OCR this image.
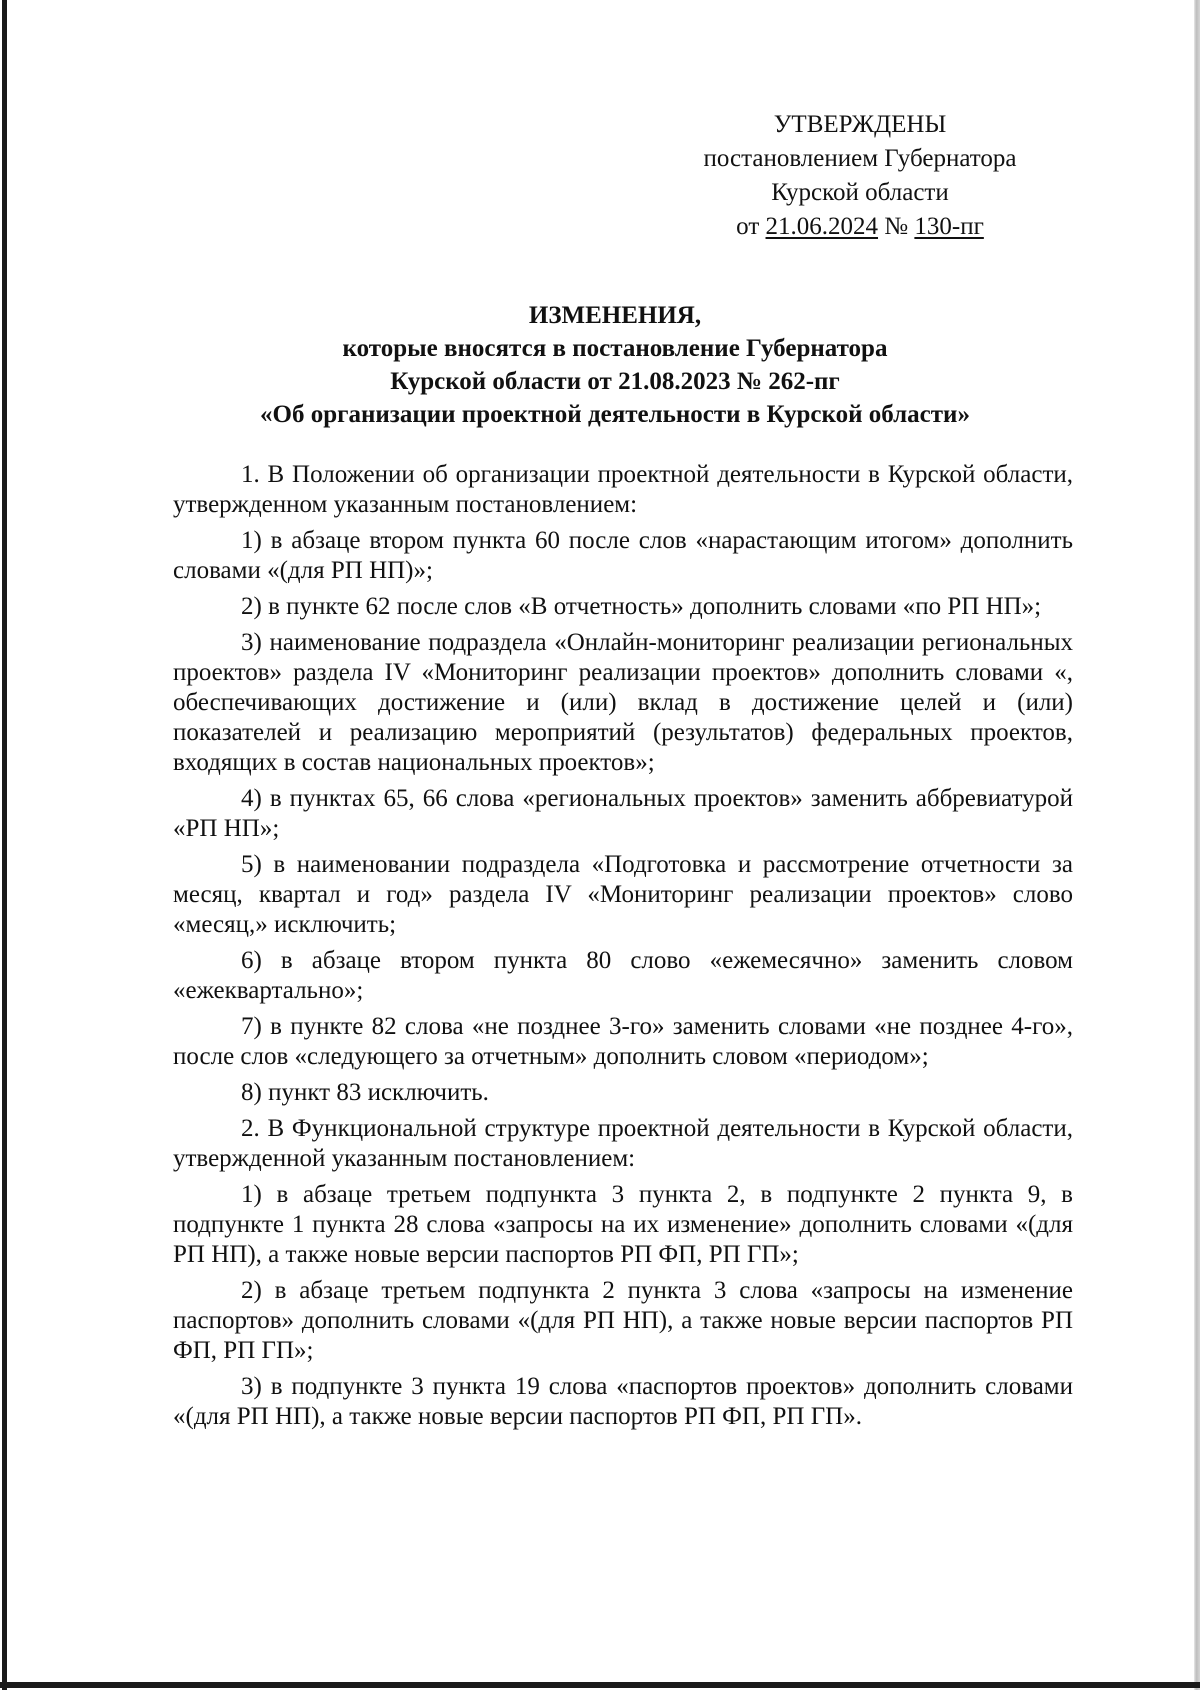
УТВЕРЖДЕНЫ
постановлением Губернатора
Курской области
от 21.06.2024 № 130-пг
ИЗМЕНЕНИЯ,
которые вносятся в постановление Губернатора
Курской области от 21.08.2023 № 262-пг
«Об организации проектной деятельности в Курской области»

1. В Положении об организации проектной деятельности в Курской области, утвержденном указанным постановлением:

1) в абзаце втором пункта 60 после слов «нарастающим итогом» дополнить словами «(для РП НП)»;

2) в пункте 62 после слов «В отчетность» дополнить словами «по РП НП»;

3) наименование подраздела «Онлайн-мониторинг реализации региональных проектов» раздела IV «Мониторинг реализации проектов» дополнить словами «, обеспечивающих достижение и (или) вклад в достижение целей и (или) показателей и реализацию мероприятий (результатов) федеральных проектов, входящих в состав национальных проектов»;

4) в пунктах 65, 66 слова «региональных проектов» заменить аббревиатурой «РП НП»;

5) в наименовании подраздела «Подготовка и рассмотрение отчетности за месяц, квартал и год» раздела IV «Мониторинг реализации проектов» слово «месяц,» исключить;

6) в абзаце втором пункта 80 слово «ежемесячно» заменить словом «ежеквартально»;

7) в пункте 82 слова «не позднее 3-го» заменить словами «не позднее 4-го», после слов «следующего за отчетным» дополнить словом «периодом»;

8) пункт 83 исключить.

2. В Функциональной структуре проектной деятельности в Курской области, утвержденной указанным постановлением:

1) в абзаце третьем подпункта 3 пункта 2, в подпункте 2 пункта 9, в подпункте 1 пункта 28 слова «запросы на их изменение» дополнить словами «(для РП НП), а также новые версии паспортов РП ФП, РП ГП»;

2) в абзаце третьем подпункта 2 пункта 3 слова «запросы на изменение паспортов» дополнить словами «(для РП НП), а также новые версии паспортов РП ФП, РП ГП»;

3) в подпункте 3 пункта 19 слова «паспортов проектов» дополнить словами «(для РП НП), а также новые версии паспортов РП ФП, РП ГП».
